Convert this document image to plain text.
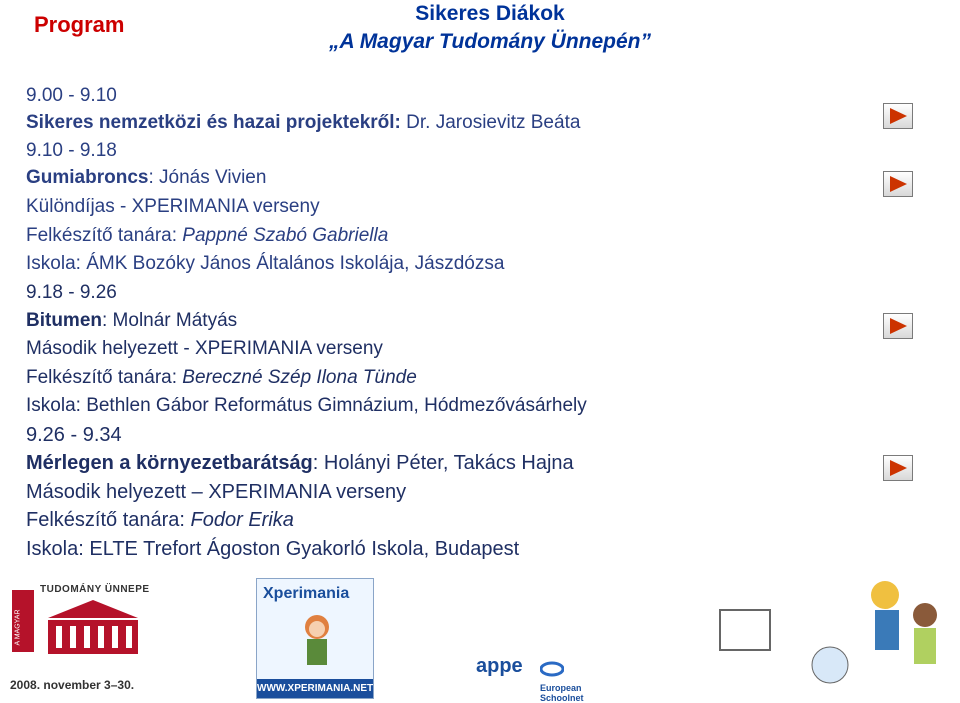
Program	Sikeres Diákok
„A Magyar Tudomány Ünnepén”
9.00 - 9.10
Sikeres nemzetközi és hazai projektekről: Dr. Jarosievitz Beáta
9.10 - 9.18
Gumiabroncs: Jónás Vivien
Különdíjas - XPERIMANIA verseny
Felkészítő tanára: Pappné Szabó Gabriella
Iskola: ÁMK Bozóky János Általános Iskolája, Jászdózsa
9.18 - 9.26
Bitumen: Molnár Mátyás
Második helyezett - XPERIMANIA verseny
Felkészítő tanára: Bereczné Szép Ilona Tünde
Iskola: Bethlen Gábor Református Gimnázium, Hódmezővásárhely
9.26 - 9.34
Mérlegen a környezetbarátság: Holányi Péter, Takács Hajna
Második helyezett – XPERIMANIA verseny
Felkészítő tanára: Fodor Erika
Iskola: ELTE Trefort Ágoston Gyakorló Iskola, Budapest
TUDOMÁNY ÜNNEPE
A MAGYAR
2008. november 3–30.
Xperimania
WWW.XPERIMANIA.NET
appe
European Schoolnet
